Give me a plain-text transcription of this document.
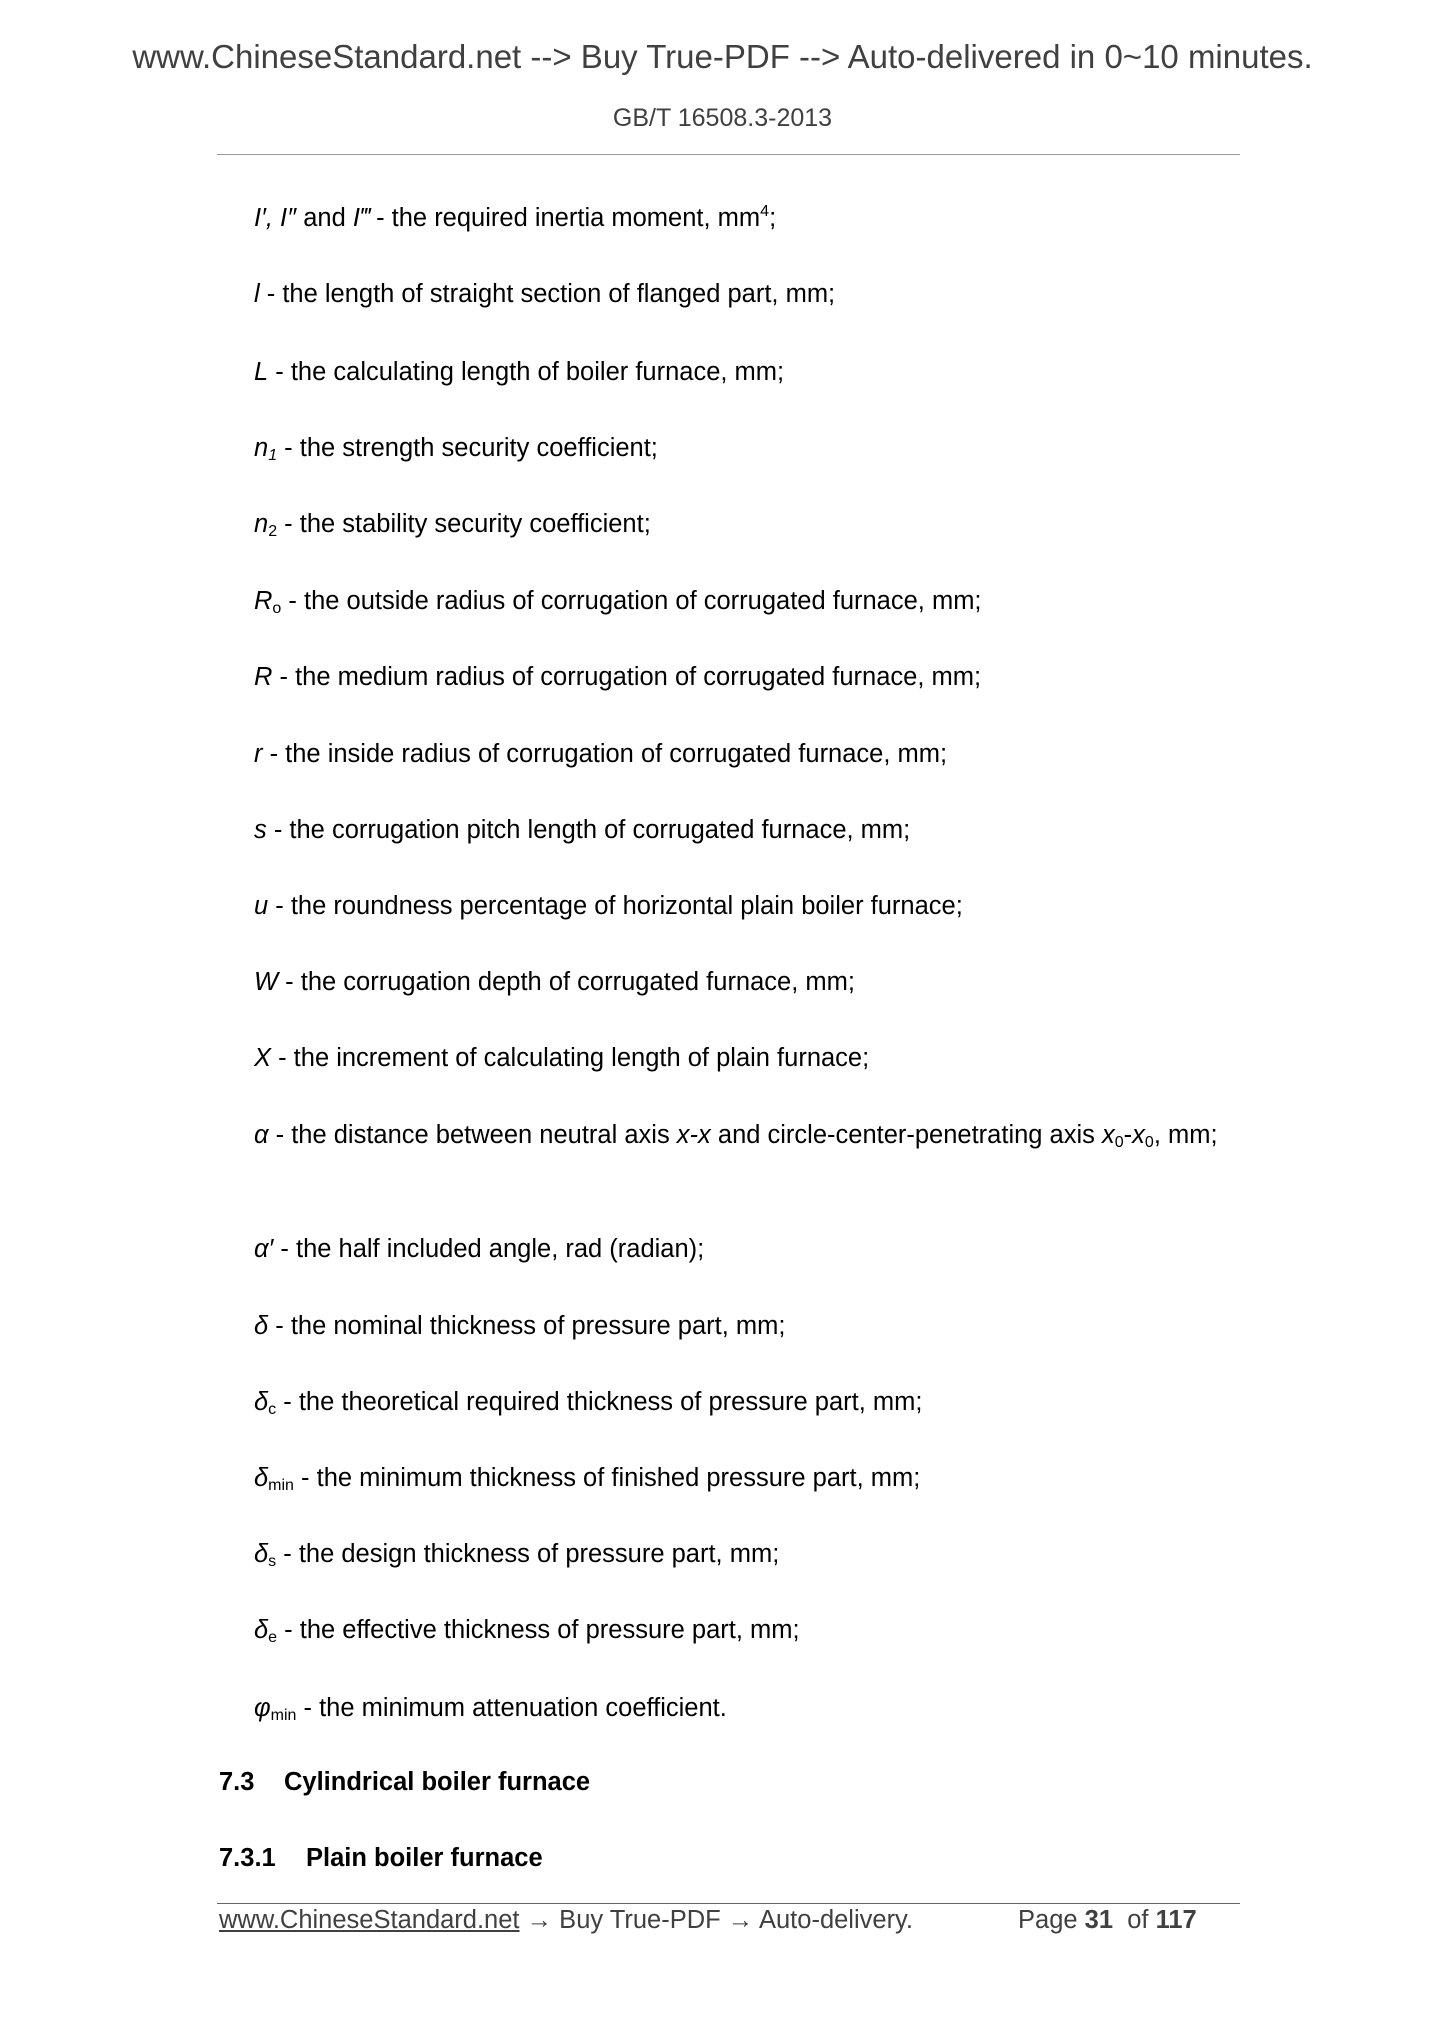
www.ChineseStandard.net --> Buy True-PDF --> Auto-delivered in 0~10 minutes.
GB/T 16508.3-2013
I′, I″ and I‴ - the required inertia moment, $mm^4$;
l - the length of straight section of flanged part, mm;
L - the calculating length of boiler furnace, mm;
$n_1$ - the strength security coefficient;
$n_2$ - the stability security coefficient;
$R_o$ - the outside radius of corrugation of corrugated furnace, mm;
R - the medium radius of corrugation of corrugated furnace, mm;
r - the inside radius of corrugation of corrugated furnace, mm;
s - the corrugation pitch length of corrugated furnace, mm;
u - the roundness percentage of horizontal plain boiler furnace;
W - the corrugation depth of corrugated furnace, mm;
X - the increment of calculating length of plain furnace;
α - the distance between neutral axis x-x and circle-center-penetrating axis $x_0-x_0$, mm;
α′ - the half included angle, rad (radian);
δ - the nominal thickness of pressure part, mm;
$\delta_c$ - the theoretical required thickness of pressure part, mm;
$\delta_{min}$ - the minimum thickness of finished pressure part, mm;
$\delta_s$ - the design thickness of pressure part, mm;
$\delta_e$ - the effective thickness of pressure part, mm;
$\varphi_{min}$ - the minimum attenuation coefficient.
7.3 Cylindrical boiler furnace
7.3.1 Plain boiler furnace
www.ChineseStandard.net → Buy True-PDF → Auto-delivery.	Page 31 of 117
